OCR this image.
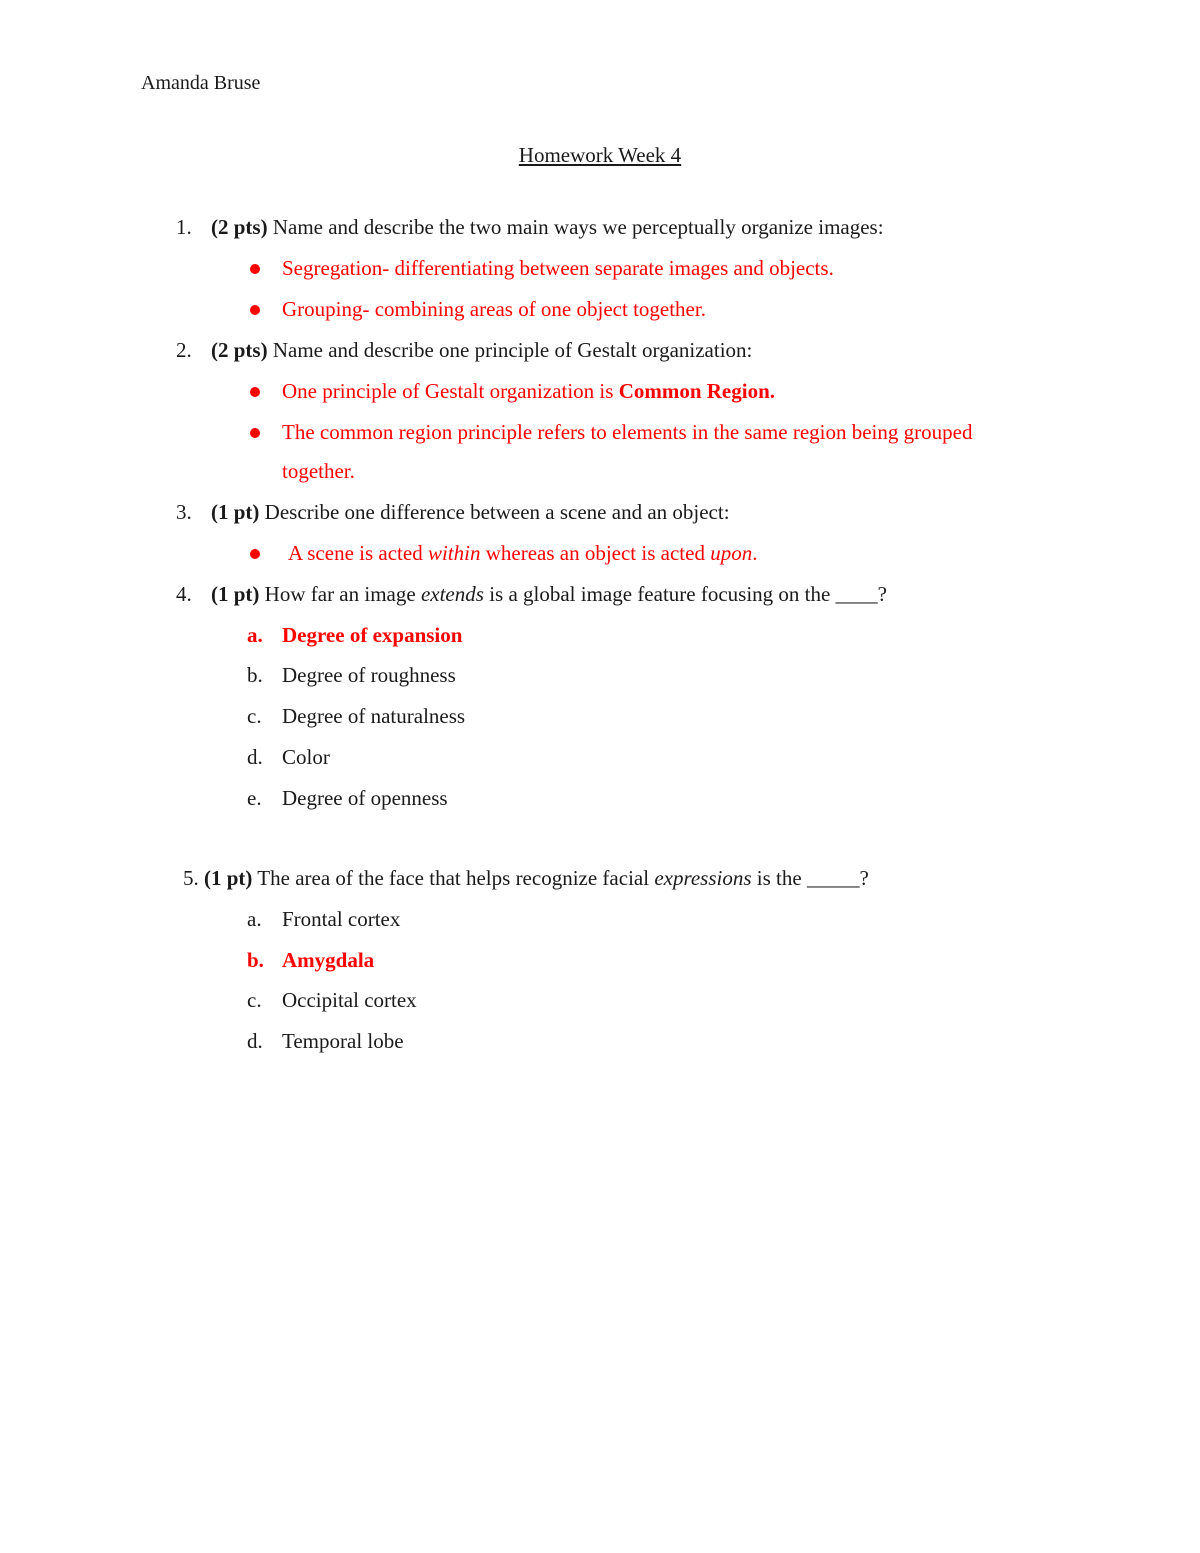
Amanda Bruse
Homework Week 4
1. (2 pts) Name and describe the two main ways we perceptually organize images:
Segregation- differentiating between separate images and objects.
Grouping- combining areas of one object together.
2. (2 pts) Name and describe one principle of Gestalt organization:
One principle of Gestalt organization is Common Region.
The common region principle refers to elements in the same region being grouped
together.
3. (1 pt) Describe one difference between a scene and an object:
A scene is acted within whereas an object is acted upon.
4. (1 pt) How far an image extends is a global image feature focusing on the ____?
a. Degree of expansion
b. Degree of roughness
c. Degree of naturalness
d. Color
e. Degree of openness
5. (1 pt) The area of the face that helps recognize facial expressions is the _____?
a. Frontal cortex
b. Amygdala
c. Occipital cortex
d. Temporal lobe
